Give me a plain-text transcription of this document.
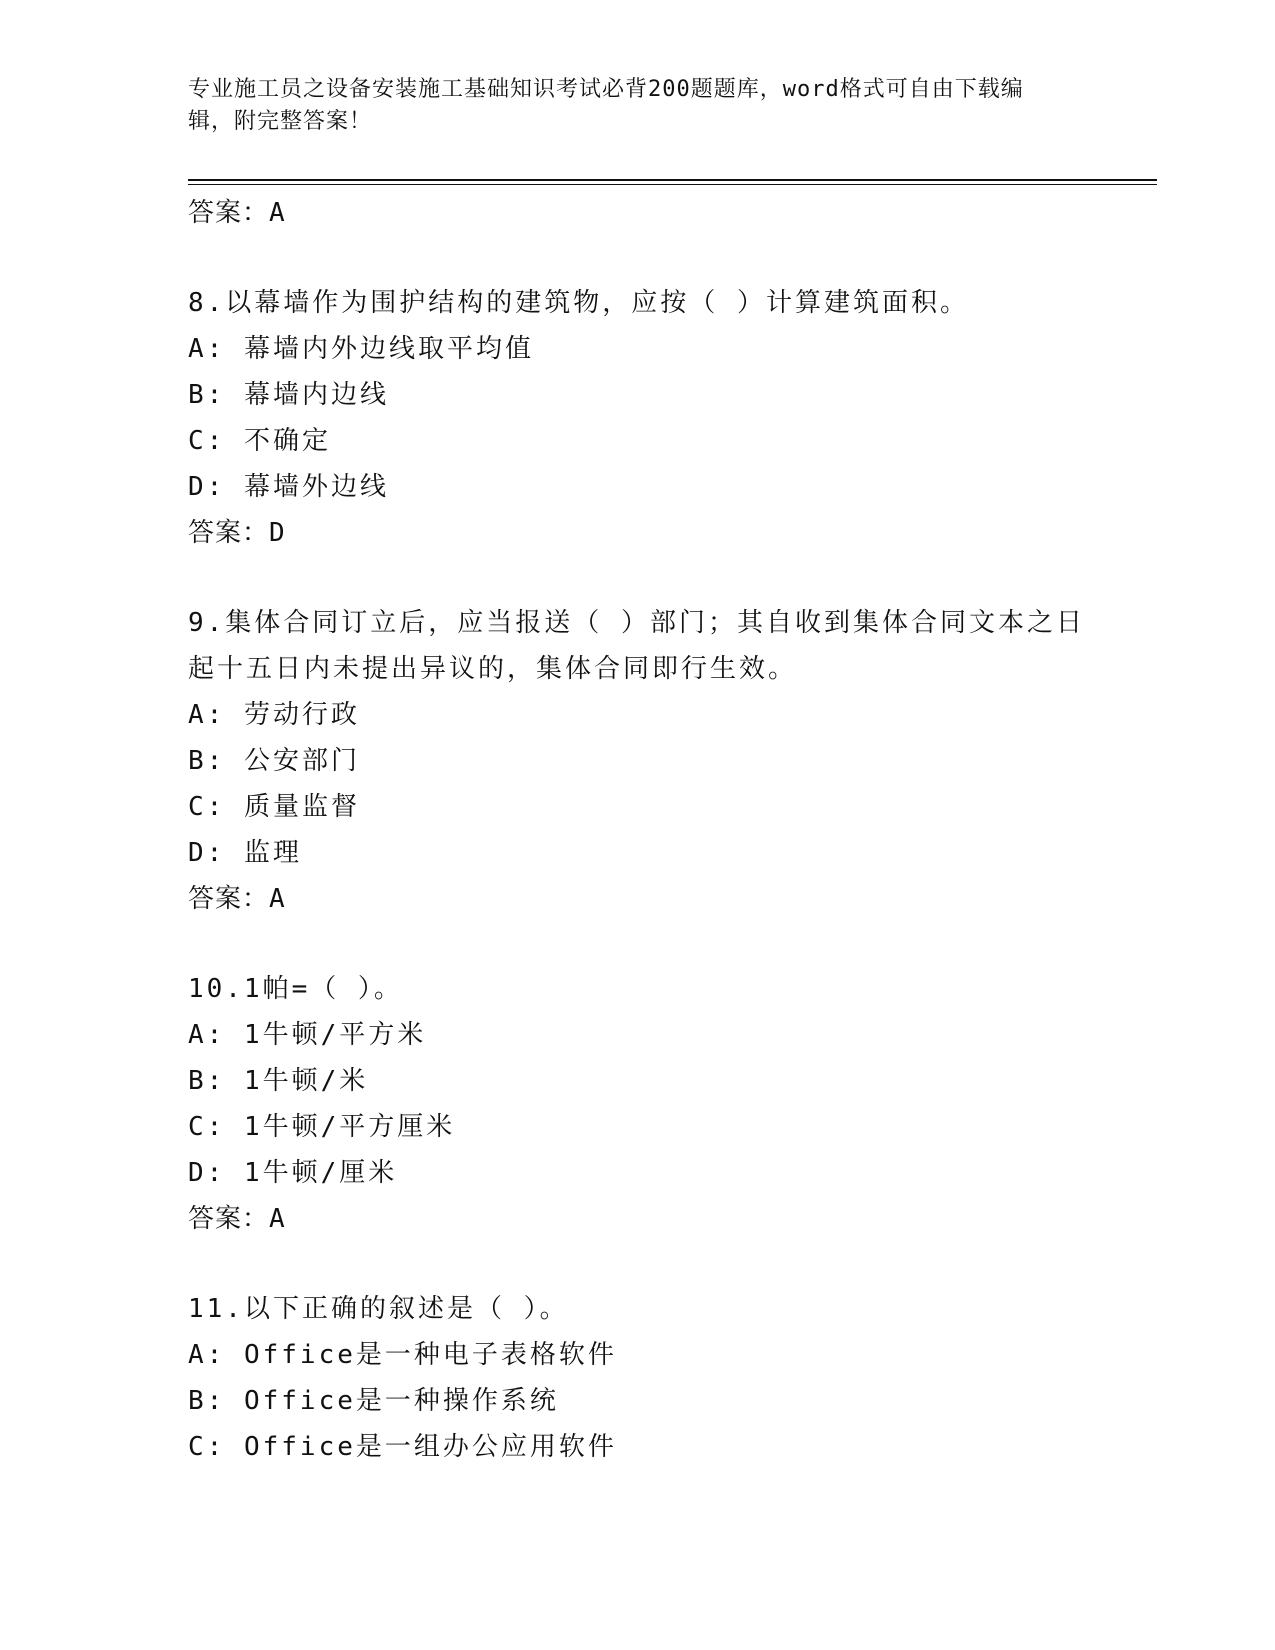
专业施工员之设备安装施工基础知识考试必背200题题库，word格式可自由下载编辑，附完整答案！
答案：A

8.以幕墙作为围护结构的建筑物，应按（ ）计算建筑面积。

A: 幕墙内外边线取平均值
B: 幕墙内边线
C: 不确定
D: 幕墙外边线
答案：D

9.集体合同订立后，应当报送（ ）部门；其自收到集体合同文本之日起十五日内未提出异议的，集体合同即行生效。

A: 劳动行政
B: 公安部门
C: 质量监督
D: 监理
答案：A

10.1帕=（ ）。

A: 1牛顿/平方米
B: 1牛顿/米
C: 1牛顿/平方厘米
D: 1牛顿/厘米
答案：A

11.以下正确的叙述是（ ）。

A: Office是一种电子表格软件
B: Office是一种操作系统
C: Office是一组办公应用软件
